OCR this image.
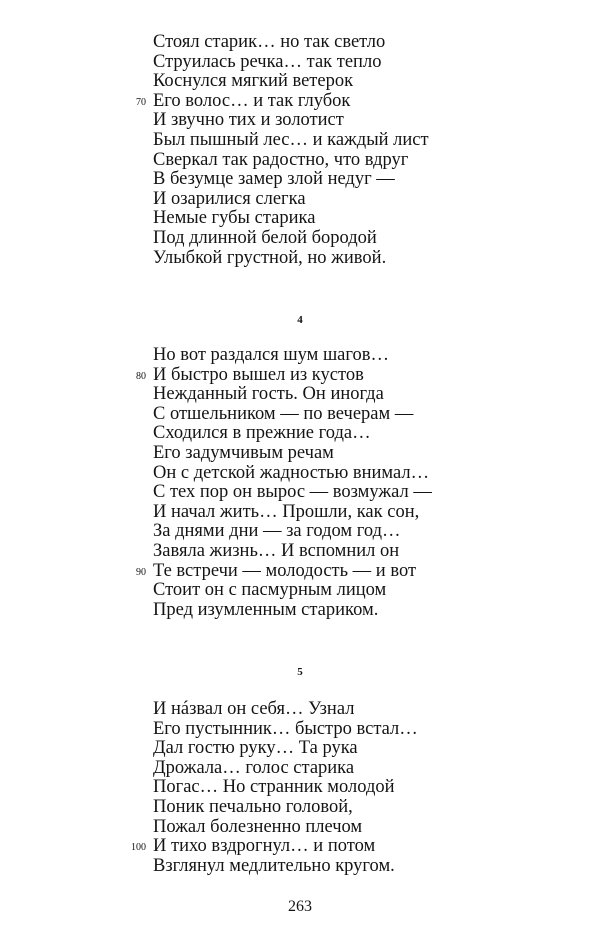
Стоял старик… но так светло
Струилась речка… так тепло
Коснулся мягкий ветерок
70 Его волос… и так глубок
И звучно тих и золотист
Был пышный лес… и каждый лист
Сверкал так радостно, что вдруг
В безумце замер злой недуг —
И озарилися слегка
Немые губы старика
Под длинной белой бородой
Улыбкой грустной, но живой.
4
Но вот раздался шум шагов…
80 И быстро вышел из кустов
Нежданный гость. Он иногда
С отшельником — по вечерам —
Сходился в прежние года…
Его задумчивым речам
Он с детской жадностью внимал…
С тех пор он вырос — возмужал —
И начал жить… Прошли, как сон,
За днями дни — за годом год…
Завяла жизнь… И вспомнил он
90 Те встречи — молодость — и вот
Стоит он с пасмурным лицом
Пред изумленным стариком.
5
И нáзвал он себя… Узнал
Его пустынник… быстро встал…
Дал гостю руку… Та рука
Дрожала… голос старика
Погас… Но странник молодой
Поник печально головой,
Пожал болезненно плечом
100 И тихо вздрогнул… и потом
Взглянул медлительно кругом.
263
